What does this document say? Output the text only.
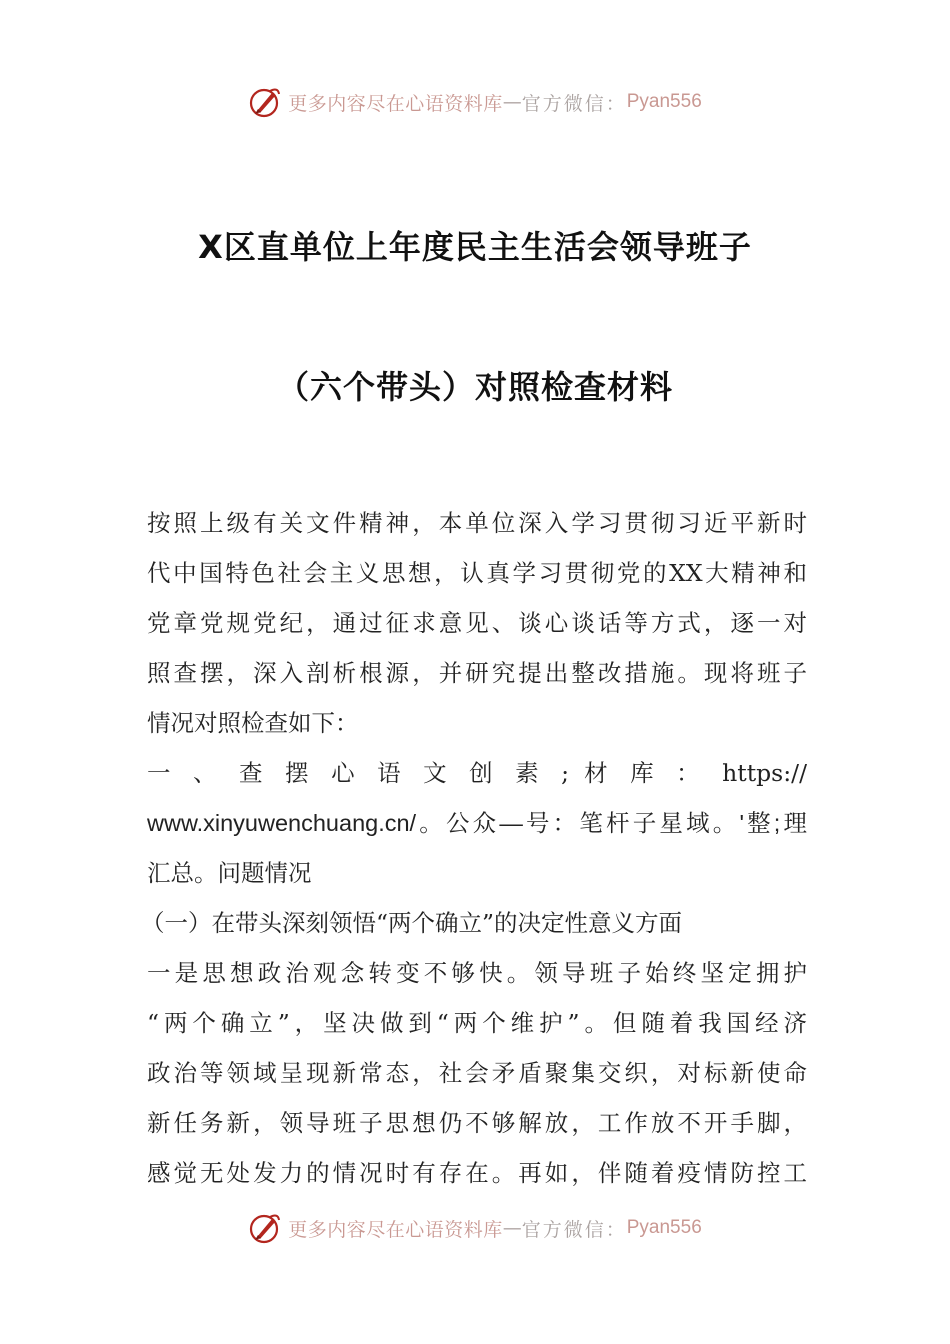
更多内容尽在心语资料库 — 官方微信： Pyan556
X区直单位上年度民主生活会领导班子
（六个带头）对照检查材料
按照上级有关文件精神，本单位深入学习贯彻习近平新时
代中国特色社会主义思想，认真学习贯彻党的XX大精神和
党章党规党纪，通过征求意见、谈心谈话等方式，逐一对
照查摆，深入剖析根源，并研究提出整改措施。现将班子
情况对照检查如下：
一 、 查 摆 心 语 文 创 素 ; 材 库 ： https://
www.xinyuwenchuang.cn/。公众—号：笔杆子星域。'整;理
汇总。问题情况
（一）在带头深刻领悟“两个确立”的决定性意义方面
一是思想政治观念转变不够快。领导班子始终坚定拥护
“两个确立”，坚决做到“两个维护”。但随着我国经济
政治等领域呈现新常态，社会矛盾聚集交织，对标新使命
新任务新，领导班子思想仍不够解放，工作放不开手脚，
感觉无处发力的情况时有存在。再如，伴随着疫情防控工
更多内容尽在心语资料库 — 官方微信： Pyan556
